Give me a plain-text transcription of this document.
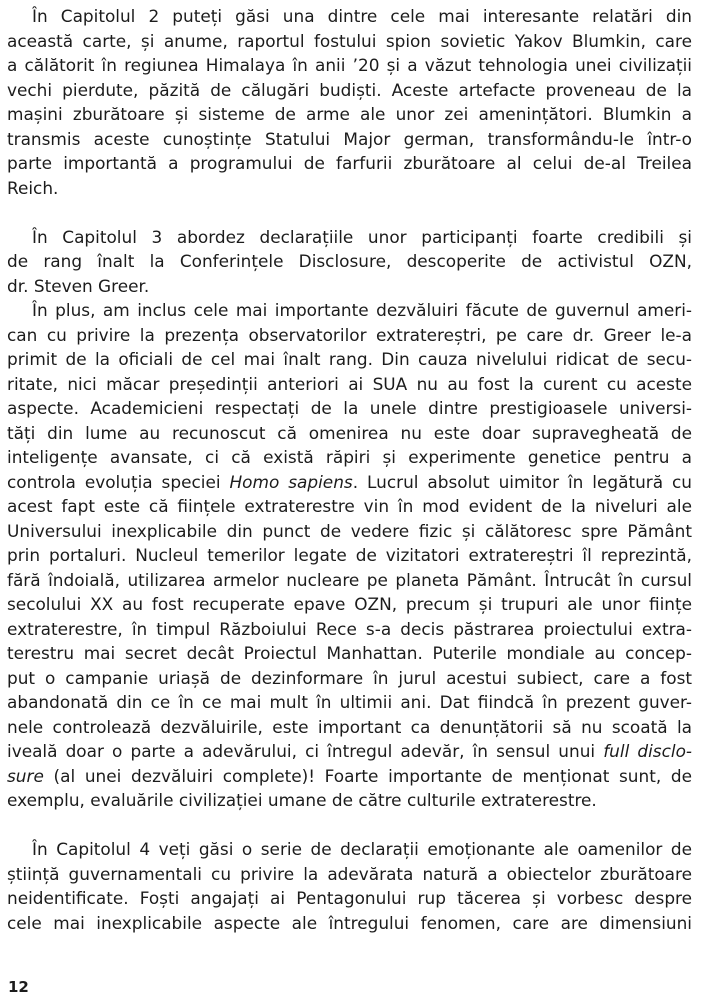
În Capitolul 2 puteți găsi una dintre cele mai interesante relatări din
această carte, și anume, raportul fostului spion sovietic Yakov Blumkin, care
a călătorit în regiunea Himalaya în anii ’20 și a văzut tehnologia unei civilizații
vechi pierdute, păzită de călugări budiști. Aceste artefacte proveneau de la
mașini zburătoare și sisteme de arme ale unor zei amenințători. Blumkin a
transmis aceste cunoștințe Statului Major german, transformându-le într-o
parte importantă a programului de farfurii zburătoare al celui de-al Treilea
Reich.
În Capitolul 3 abordez declarațiile unor participanți foarte credibili și
de rang înalt la Conferințele Disclosure, descoperite de activistul OZN,
dr. Steven Greer.
În plus, am inclus cele mai importante dezvăluiri făcute de guvernul ameri-
can cu privire la prezența observatorilor extratereștri, pe care dr. Greer le-a
primit de la oficiali de cel mai înalt rang. Din cauza nivelului ridicat de secu-
ritate, nici măcar președinții anteriori ai SUA nu au fost la curent cu aceste
aspecte. Academicieni respectați de la unele dintre prestigioasele universi-
tăți din lume au recunoscut că omenirea nu este doar supravegheată de
inteligențe avansate, ci că există răpiri și experimente genetice pentru a
controla evoluția speciei Homo sapiens. Lucrul absolut uimitor în legătură cu
acest fapt este că ființele extraterestre vin în mod evident de la niveluri ale
Universului inexplicabile din punct de vedere fizic și călătoresc spre Pământ
prin portaluri. Nucleul temerilor legate de vizitatori extratereștri îl reprezintă,
fără îndoială, utilizarea armelor nucleare pe planeta Pământ. Întrucât în cursul
secolului XX au fost recuperate epave OZN, precum și trupuri ale unor ființe
extraterestre, în timpul Războiului Rece s-a decis păstrarea proiectului extra-
terestru mai secret decât Proiectul Manhattan. Puterile mondiale au concep-
put o campanie uriașă de dezinformare în jurul acestui subiect, care a fost
abandonată din ce în ce mai mult în ultimii ani. Dat fiindcă în prezent guver-
nele controlează dezvăluirile, este important ca denunțătorii să nu scoată la
iveală doar o parte a adevărului, ci întregul adevăr, în sensul unui full disclo-
sure (al unei dezvăluiri complete)! Foarte importante de menționat sunt, de
exemplu, evaluările civilizației umane de către culturile extraterestre.
În Capitolul 4 veți găsi o serie de declarații emoționante ale oamenilor de
știință guvernamentali cu privire la adevărata natură a obiectelor zburătoare
neidentificate. Foști angajați ai Pentagonului rup tăcerea și vorbesc despre
cele mai inexplicabile aspecte ale întregului fenomen, care are dimensiuni
12
